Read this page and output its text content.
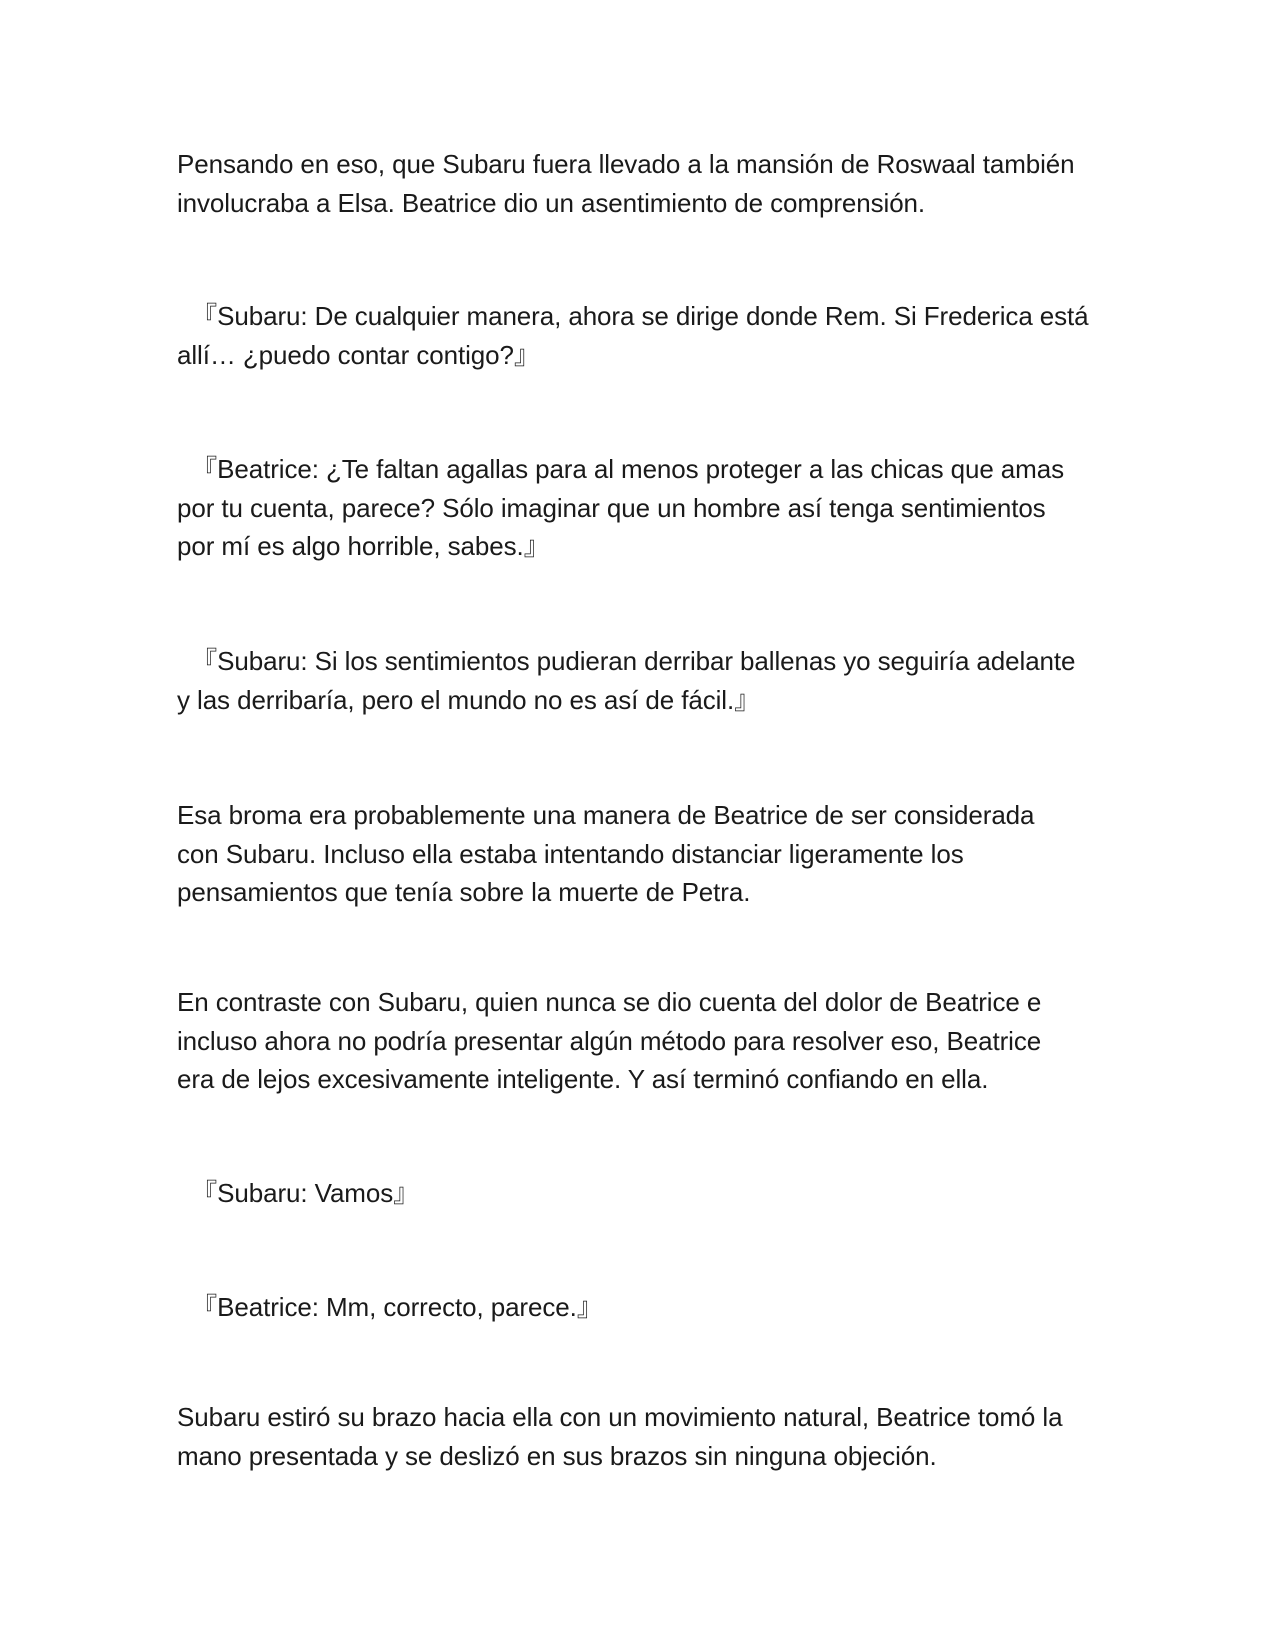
Pensando en eso, que Subaru fuera llevado a la mansión de Roswaal también
involucraba a Elsa. Beatrice dio un asentimiento de comprensión.

『Subaru: De cualquier manera, ahora se dirige donde Rem. Si Frederica está
allí… ¿puedo contar contigo?』

『Beatrice: ¿Te faltan agallas para al menos proteger a las chicas que amas
por tu cuenta, parece? Sólo imaginar que un hombre así tenga sentimientos
por mí es algo horrible, sabes.』

『Subaru: Si los sentimientos pudieran derribar ballenas yo seguiría adelante
y las derribaría, pero el mundo no es así de fácil.』

Esa broma era probablemente una manera de Beatrice de ser considerada
con Subaru. Incluso ella estaba intentando distanciar ligeramente los
pensamientos que tenía sobre la muerte de Petra.

En contraste con Subaru, quien nunca se dio cuenta del dolor de Beatrice e
incluso ahora no podría presentar algún método para resolver eso, Beatrice
era de lejos excesivamente inteligente. Y así terminó confiando en ella.

『Subaru: Vamos』

『Beatrice: Mm, correcto, parece.』

Subaru estiró su brazo hacia ella con un movimiento natural, Beatrice tomó la
mano presentada y se deslizó en sus brazos sin ninguna objeción.
